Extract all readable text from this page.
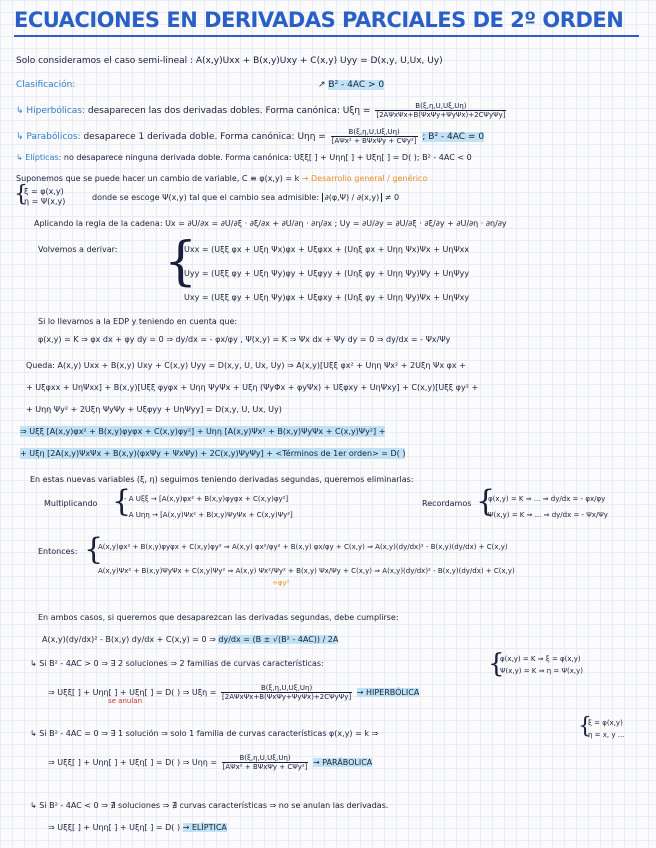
ECUACIONES EN DERIVADAS PARCIALES DE 2º ORDEN
Solo consideramos el caso semi-lineal : A(x,y)Uxx + B(x,y)Uxy + C(x,y) Uyy = D(x,y, U,Ux, Uy)
Clasificación:	↗ B² - 4AC > 0
↳ Hiperbólicas: desaparecen las dos derivadas dobles. Forma canónica: $U\xi\eta = \frac{B(\xi,\eta,U,U\xi,U\eta)}{\text{[2AΨxΨx+B(ΨxΨy+ΨyΨx)+2CΨyΨy]}}$
↳ Parabólicos: desaparece 1 derivada doble. Forma canónica: $U\eta\eta = \frac{B(\xi,\eta,U,U\xi,U\eta)}{\text{[AΨx² + BΨxΨy + CΨy²]}}$ ; B² - 4AC = 0
↳ Elípticas: no desaparece ninguna derivada doble. Forma canónica: Uξξ[ ] + Uηη[ ] + Uξη[ ] = D( ); B² - 4AC < 0
Suponemos que se puede hacer un cambio de variable, C ≡ φ(x,y) = k → Desarrollo general / genérico
{
ξ = φ(x,y)
η = Ψ(x,y)	donde se escoge Ψ(x,y) tal que el cambio sea admisible: ∂(φ,Ψ) / ∂(x,y) ≠ 0
Aplicando la regla de la cadena: Ux = ∂U/∂x = ∂U/∂ξ · ∂ξ/∂x + ∂U/∂η · ∂η/∂x ; Uy = ∂U/∂y = ∂U/∂ξ · ∂ξ/∂y + ∂U/∂η · ∂η/∂y
Volvemos a derivar: {
Uxx = (Uξξ φx + Uξη Ψx)φx + Uξφxx + (Uηξ φx + Uηη Ψx)Ψx + UηΨxx
Uyy = (Uξξ φy + Uξη Ψy)φy + Uξφyy + (Uηξ φy + Uηη Ψy)Ψy + UηΨyy
Uxy = (Uξξ φy + Uξη Ψy)φx + Uξφxy + (Uηξ φy + Uηη Ψy)Ψx + UηΨxy
Si lo llevamos a la EDP y teniendo en cuenta que:
φ(x,y) = K ⇒ φx dx + φy dy = 0 ⇒ dy/dx = - φx/φy , Ψ(x,y) = K ⇒ Ψx dx + Ψy dy = 0 ⇒ dy/dx = - Ψx/Ψy
Queda: A(x,y) Uxx + B(x,y) Uxy + C(x,y) Uyy = D(x,y, U, Ux, Uy) ⇒ A(x,y)[Uξξ φx² + Uηη Ψx² + 2Uξη Ψx φx +
+ Uξφxx + UηΨxx] + B(x,y)[Uξξ φyφx + Uηη ΨyΨx + Uξη (ΨyΦx + φyΨx) + Uξφxy + UηΨxy] + C(x,y)[Uξξ φy² +
+ Uηη Ψy² + 2Uξη ΨyΨy + Uξφyy + UηΨyy] = D(x,y, U, Ux, Uy)
⇒ Uξξ [A(x,y)φx² + B(x,y)φyφx + C(x,y)φy²] + Uηη [A(x,y)Ψx² + B(x,y)ΨyΨx + C(x,y)Ψy²] +
+ Uξη [2A(x,y)ΨxΨx + B(x,y)(φxΨy + ΨxΨy) + 2C(x,y)ΨyΨy] + <Términos de 1er orden> = D( )
En estas nuevas variables (ξ, η) seguimos teniendo derivadas segundas, queremos eliminarlas:
Multiplicando {
- A Uξξ → [A(x,y)φx² + B(x,y)φyφx + C(x,y)φy²]
- A Uηη → [A(x,y)Ψx² + B(x,y)ΨyΨx + C(x,y)Ψy²]
Recordamos {
φ(x,y) = K ⇒ ... ⇒ dy/dx = - φx/φy
Ψ(x,y) = K ⇒ ... ⇒ dy/dx = - Ψx/Ψy
Entonces: {
A(x,y)φx² + B(x,y)φyφx + C(x,y)φy² ⇒ A(x,y) φx²/φy² + B(x,y) φx/φy + C(x,y) ⇒ A(x,y)(dy/dx)² - B(x,y)(dy/dx) + C(x,y)
A(x,y)Ψx² + B(x,y)ΨyΨx + C(x,y)Ψy² ⇒ A(x,y) Ψx²/Ψy² + B(x,y) Ψx/Ψy + C(x,y) ⇒ A(x,y)(dy/dx)² - B(x,y)(dy/dx) + C(x,y)
÷φy²
En ambos casos, si queremos que desaparezcan las derivadas segundas, debe cumplirse:
A(x,y)(dy/dx)² - B(x,y) dy/dx + C(x,y) = 0 ⇒ dy/dx = (B ± √(B² - 4AC)) / 2A
↳ Si B² - 4AC > 0 ⇒ ∃ 2 soluciones ⇒ 2 familias de curvas características:	{
φ(x,y) = K ⇒ ξ = φ(x,y)
Ψ(x,y) = K ⇒ η = Ψ(x,y)
⇒ Uξξ[ ] + Uηη[ ] + Uξη[ ] = D( ) ⇒ $U\xi\eta = \frac{B(\xi,\eta,U,U\xi,U\eta)}{\text{[2AΨxΨx+B(ΨxΨy+ΨyΨx)+2CΨyΨy]}}$ → HIPERBÓLICA
se anulan
↳ Si B² - 4AC = 0 ⇒ ∃ 1 solución ⇒ solo 1 familia de curvas características φ(x,y) = k ⇒	{
ξ = φ(x,y)
η = x, y ...
⇒ Uξξ[ ] + Uηη[ ] + Uξη[ ] = D( ) ⇒ $U\eta\eta = \frac{B(\xi,\eta,U,U\xi,U\eta)}{\text{[AΨx² + BΨxΨy + CΨy²]}}$ → PARÁBOLICA
↳ Si B² - 4AC < 0 ⇒ ∄ soluciones ⇒ ∄ curvas características ⇒ no se anulan las derivadas.
⇒ Uξξ[ ] + Uηη[ ] + Uξη[ ] = D( ) → ELÍPTICA
